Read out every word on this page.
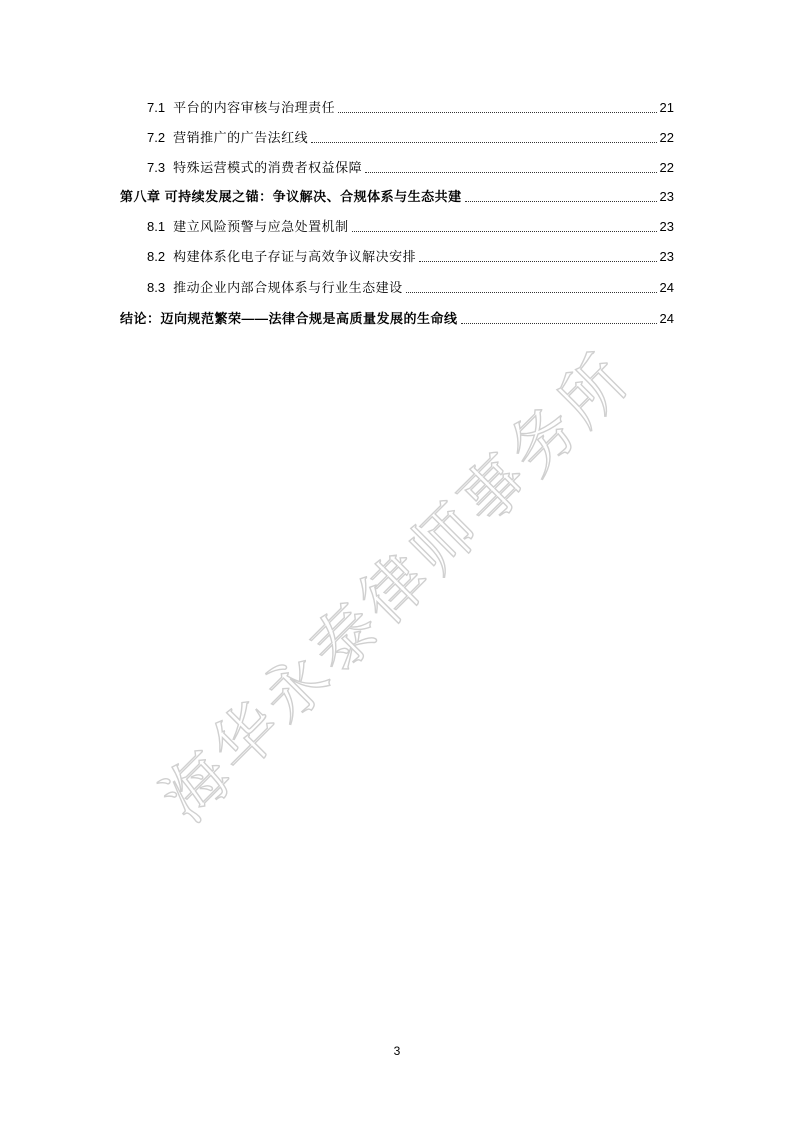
海华永泰律师事务所
7.1 平台的内容审核与治理责任	21
7.2 营销推广的广告法红线	22
7.3 特殊运营模式的消费者权益保障	22
第八章 可持续发展之锚：争议解决、合规体系与生态共建	23
8.1 建立风险预警与应急处置机制	23
8.2 构建体系化电子存证与高效争议解决安排	23
8.3 推动企业内部合规体系与行业生态建设	24
结论：迈向规范繁荣——法律合规是高质量发展的生命线	24
3
